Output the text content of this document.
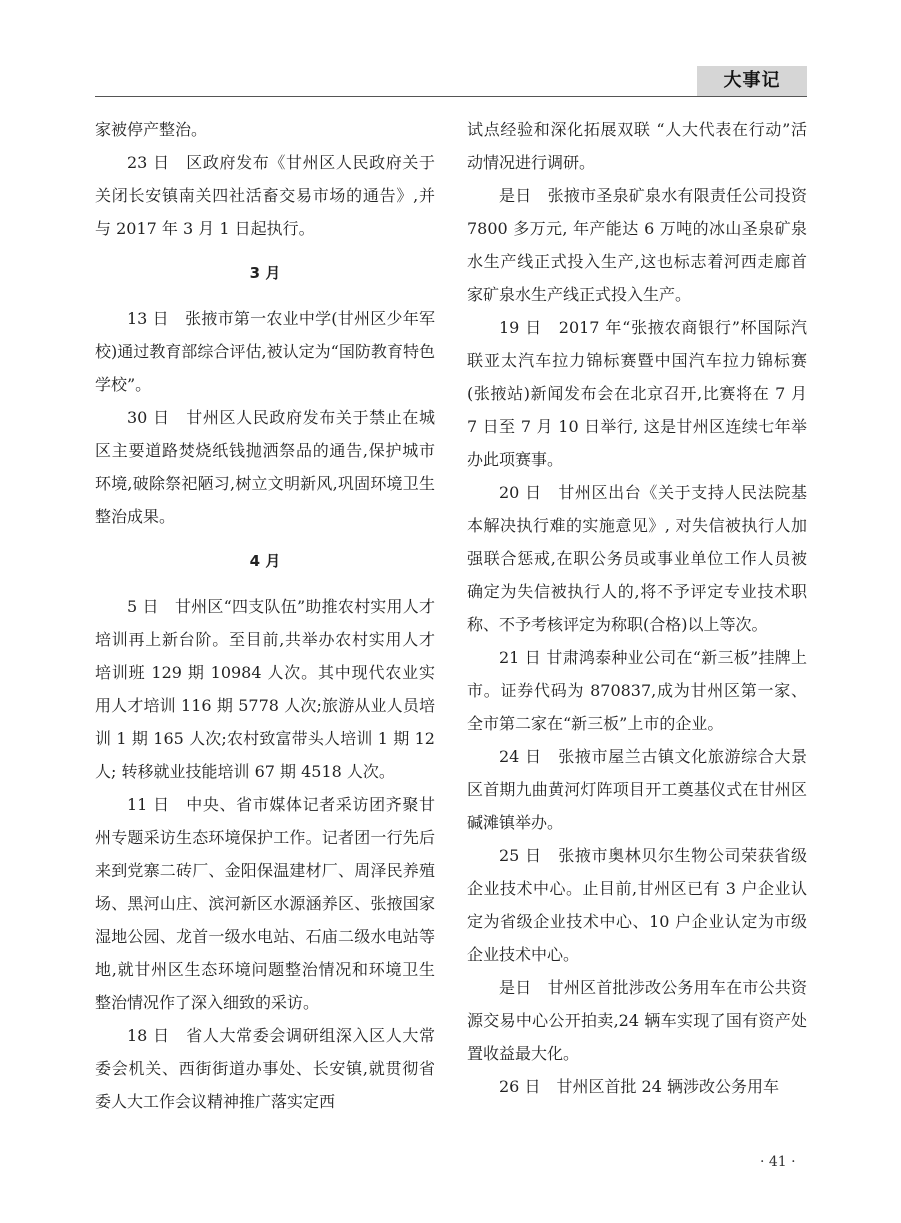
大事记

家被停产整治。

23 日　区政府发布《甘州区人民政府关于关闭长安镇南关四社活畜交易市场的通告》,并与 2017 年 3 月 1 日起执行。

3 月

13 日　张掖市第一农业中学(甘州区少年军校)通过教育部综合评估,被认定为“国防教育特色学校”。

30 日　甘州区人民政府发布关于禁止在城区主要道路焚烧纸钱抛洒祭品的通告,保护城市环境,破除祭祀陋习,树立文明新风,巩固环境卫生整治成果。

4 月

5 日　甘州区“四支队伍”助推农村实用人才培训再上新台阶。至目前,共举办农村实用人才培训班 129 期 10984 人次。其中现代农业实用人才培训 116 期 5778 人次;旅游从业人员培训 1 期 165 人次;农村致富带头人培训 1 期 12 人; 转移就业技能培训 67 期 4518 人次。

11 日　中央、省市媒体记者采访团齐聚甘州专题采访生态环境保护工作。记者团一行先后来到党寨二砖厂、金阳保温建材厂、周泽民养殖场、黑河山庄、滨河新区水源涵养区、张掖国家湿地公园、龙首一级水电站、石庙二级水电站等地,就甘州区生态环境问题整治情况和环境卫生整治情况作了深入细致的采访。

18 日　省人大常委会调研组深入区人大常委会机关、西街街道办事处、长安镇,就贯彻省委人大工作会议精神推广落实定西

试点经验和深化拓展双联 “人大代表在行动”活动情况进行调研。

是日　张掖市圣泉矿泉水有限责任公司投资 7800 多万元, 年产能达 6 万吨的冰山圣泉矿泉水生产线正式投入生产,这也标志着河西走廊首家矿泉水生产线正式投入生产。

19 日　2017 年“张掖农商银行”杯国际汽联亚太汽车拉力锦标赛暨中国汽车拉力锦标赛(张掖站)新闻发布会在北京召开,比赛将在 7 月 7 日至 7 月 10 日举行, 这是甘州区连续七年举办此项赛事。

20 日　甘州区出台《关于支持人民法院基本解决执行难的实施意见》, 对失信被执行人加强联合惩戒,在职公务员或事业单位工作人员被确定为失信被执行人的,将不予评定专业技术职称、不予考核评定为称职(合格)以上等次。

21 日 甘肃鸿泰种业公司在“新三板”挂牌上市。证券代码为 870837,成为甘州区第一家、全市第二家在“新三板”上市的企业。

24 日　张掖市屋兰古镇文化旅游综合大景区首期九曲黄河灯阵项目开工奠基仪式在甘州区碱滩镇举办。

25 日　张掖市奥林贝尔生物公司荣获省级企业技术中心。止目前,甘州区已有 3 户企业认定为省级企业技术中心、10 户企业认定为市级企业技术中心。

是日　甘州区首批涉改公务用车在市公共资源交易中心公开拍卖,24 辆车实现了国有资产处置收益最大化。

26 日　甘州区首批 24 辆涉改公务用车

· 41 ·
